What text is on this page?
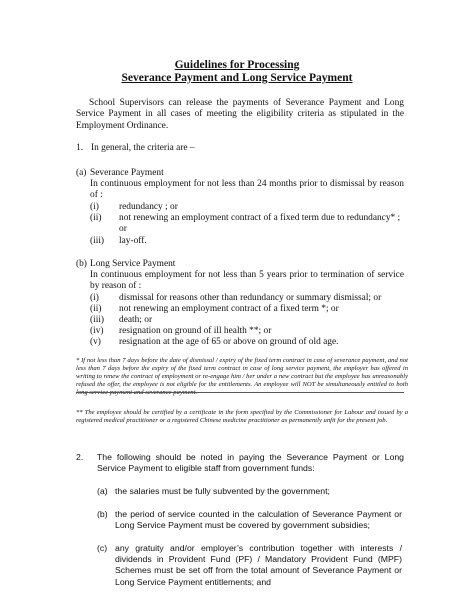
Guidelines for Processing
Severance Payment and Long Service Payment
School Supervisors can release the payments of Severance Payment and Long Service Payment in all cases of meeting the eligibility criteria as stipulated in the Employment Ordinance.
1. In general, the criteria are –
(a) Severance Payment
In continuous employment for not less than 24 months prior to dismissal by reason of :
(i) redundancy ; or
(ii) not renewing an employment contract of a fixed term due to redundancy* ;
or
(iii) lay-off.
(b) Long Service Payment
In continuous employment for not less than 5 years prior to termination of service by reason of :
(i) dismissal for reasons other than redundancy or summary dismissal; or
(ii) not renewing an employment contract of a fixed term *; or
(iii) death; or
(iv) resignation on ground of ill health **; or
(v) resignation at the age of 65 or above on ground of old age.
* If not less than 7 days before the date of dismissal / expiry of the fixed term contract in case of severance payment, and not less than 7 days before the expiry of the fixed term contract in case of long service payment, the employer has offered in writing to renew the contract of employment or re-engage him / her under a new contract but the employee has unreasonably refused the offer, the employee is not eligible for the entitlements. An employee will NOT be simultaneously entitled to both long service payment and severance payment.
** The employee should be certified by a certificate in the form specified by the Commissioner for Labour and issued by a registered medical practitioner or a registered Chinese medicine practitioner as permanently unfit for the present job.
2. The following should be noted in paying the Severance Payment or Long Service Payment to eligible staff from government funds:
(a) the salaries must be fully subvented by the government;
(b) the period of service counted in the calculation of Severance Payment or Long Service Payment must be covered by government subsidies;
(c) any gratuity and/or employer’s contribution together with interests / dividends in Provident Fund (PF) / Mandatory Provident Fund (MPF) Schemes must be set off from the total amount of Severance Payment or Long Service Payment entitlements; and
